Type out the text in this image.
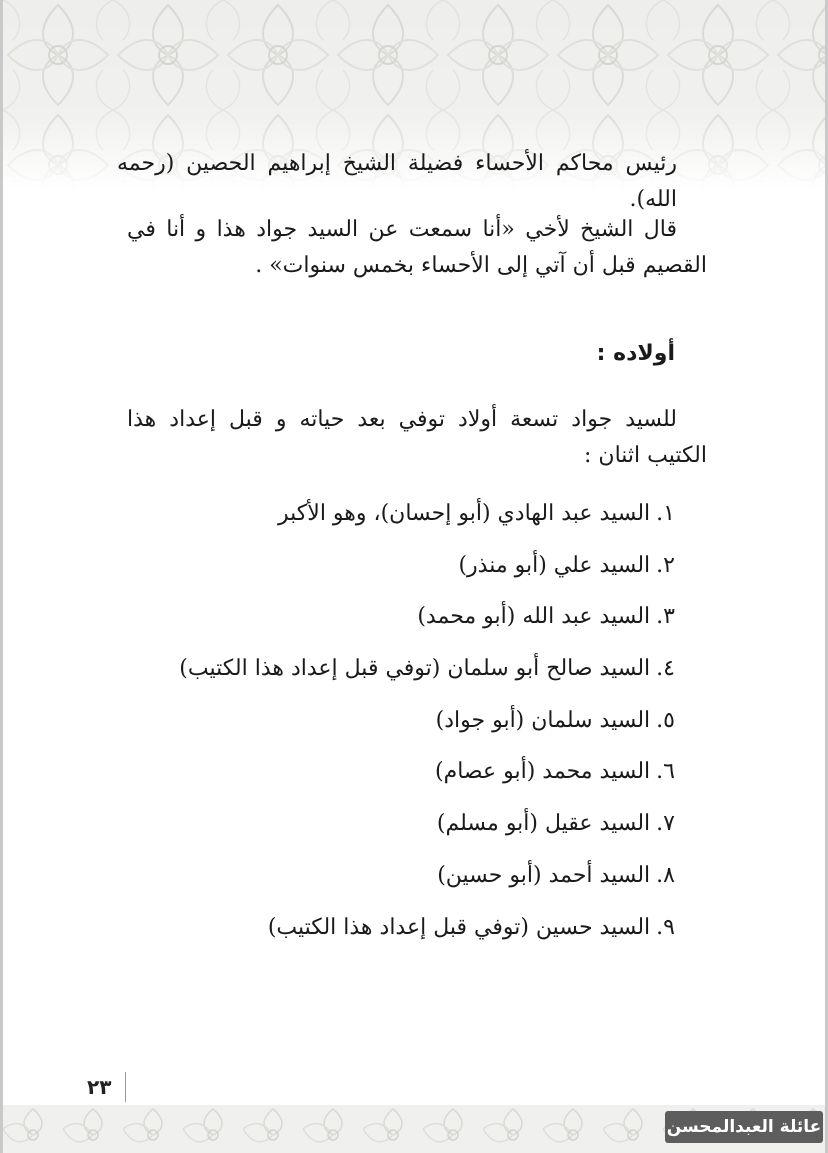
رئيس محاكم الأحساء فضيلة الشيخ إبراهيم الحصين (رحمه الله).

قال الشيخ لأخي «أنا سمعت عن السيد جواد هذا و أنا في القصيم قبل أن آتي إلى الأحساء بخمس سنوات» .

أولاده :

للسيد جواد تسعة أولاد توفي بعد حياته و قبل إعداد هذا الكتيب اثنان :

١.السيد عبد الهادي (أبو إحسان)، وهو الأكبر
٢.السيد علي (أبو منذر)
٣.السيد عبد الله (أبو محمد)
٤.السيد صالح أبو سلمان (توفي قبل إعداد هذا الكتيب)
٥.السيد سلمان (أبو جواد)
٦.السيد محمد (أبو عصام)
٧.السيد عقيل (أبو مسلم)
٨.السيد أحمد (أبو حسين)
٩.السيد حسين (توفي قبل إعداد هذا الكتيب)
٢٣
عائلة العبدالمحسن
